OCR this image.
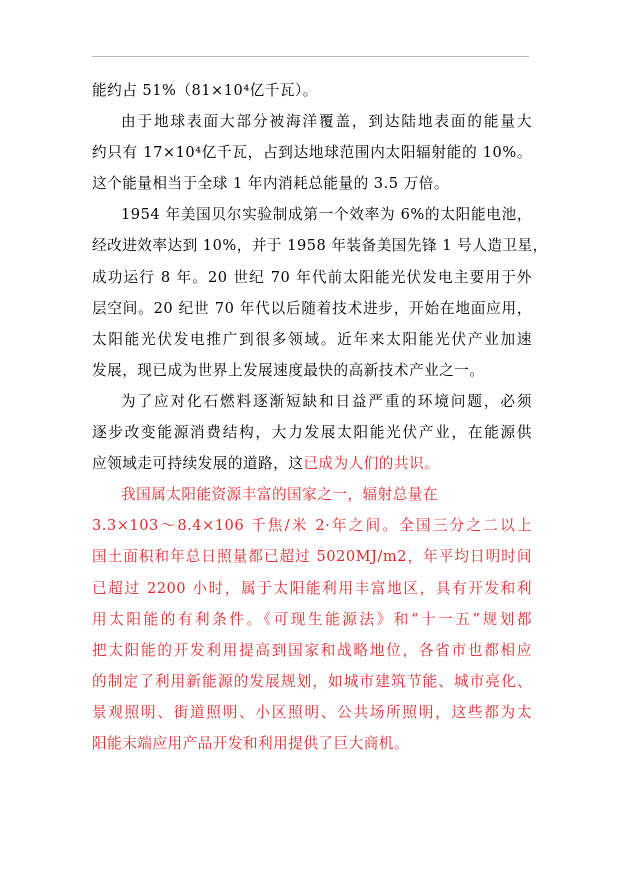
能约占 51%（81×10⁴亿千瓦）。
由于地球表面大部分被海洋覆盖，到达陆地表面的能量大
约只有 17×10⁴亿千瓦，占到达地球范围内太阳辐射能的 10%。
这个能量相当于全球 1 年内消耗总能量的 3.5 万倍。
1954 年美国贝尔实验制成第一个效率为 6%的太阳能电池，
经改进效率达到 10%，并于 1958 年装备美国先锋 1 号人造卫星，
成功运行 8 年。20 世纪 70 年代前太阳能光伏发电主要用于外
层空间。20 纪世 70 年代以后随着技术进步，开始在地面应用，
太阳能光伏发电推广到很多领域。近年来太阳能光伏产业加速
发展，现已成为世界上发展速度最快的高新技术产业之一。
为了应对化石燃料逐渐短缺和日益严重的环境问题，必须
逐步改变能源消费结构，大力发展太阳能光伏产业，在能源供
应领域走可持续发展的道路，这已成为人们的共识。
我国属太阳能资源丰富的国家之一，辐射总量在
3.3×103～8.4×106 千焦/米 2·年之间。全国三分之二以上
国土面积和年总日照量都已超过 5020MJ/m2，年平均日明时间
已超过 2200 小时，属于太阳能利用丰富地区，具有开发和利
用太阳能的有利条件。《可现生能源法》和“十一五”规划都
把太阳能的开发利用提高到国家和战略地位，各省市也都相应
的制定了利用新能源的发展规划，如城市建筑节能、城市亮化、
景观照明、街道照明、小区照明、公共场所照明，这些都为太
阳能末端应用产品开发和利用提供了巨大商机。
